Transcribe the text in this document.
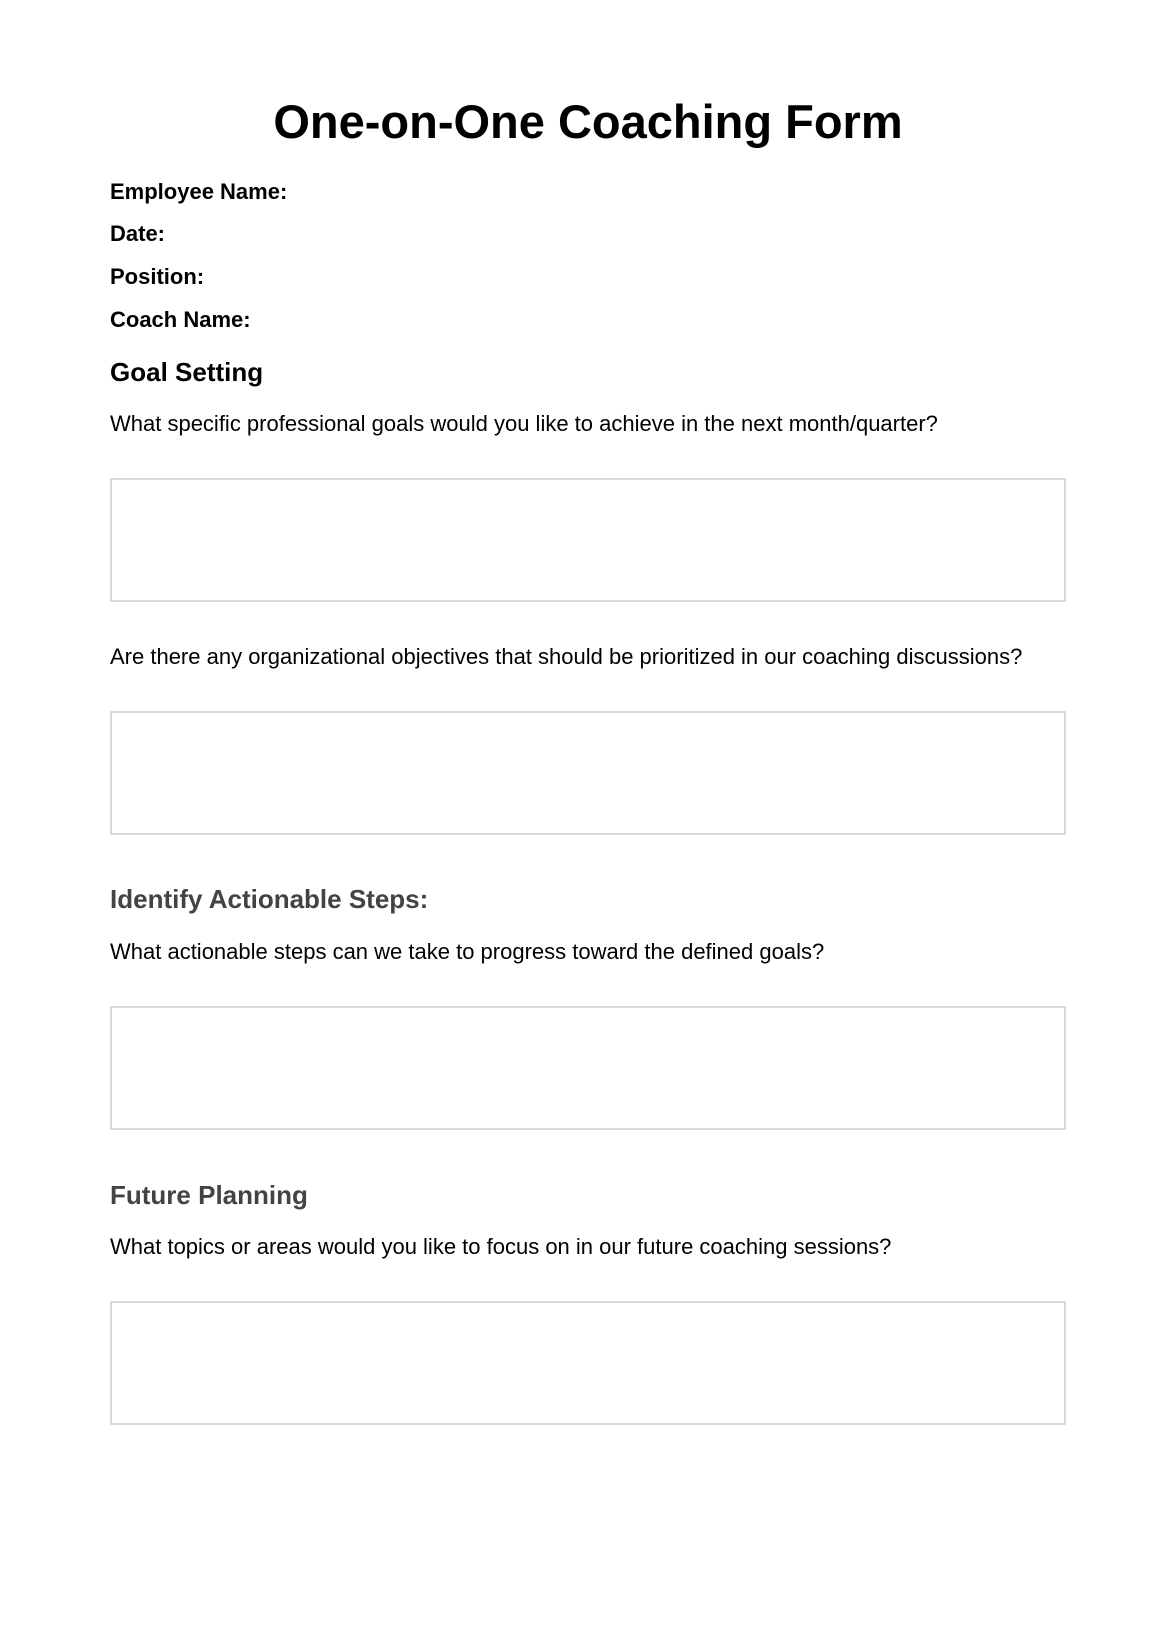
One-on-One Coaching Form

Employee Name:

Date:

Position:

Coach Name:

Goal Setting

What specific professional goals would you like to achieve in the next month/quarter?

Are there any organizational objectives that should be prioritized in our coaching discussions?

Identify Actionable Steps:

What actionable steps can we take to progress toward the defined goals?

Future Planning

What topics or areas would you like to focus on in our future coaching sessions?
